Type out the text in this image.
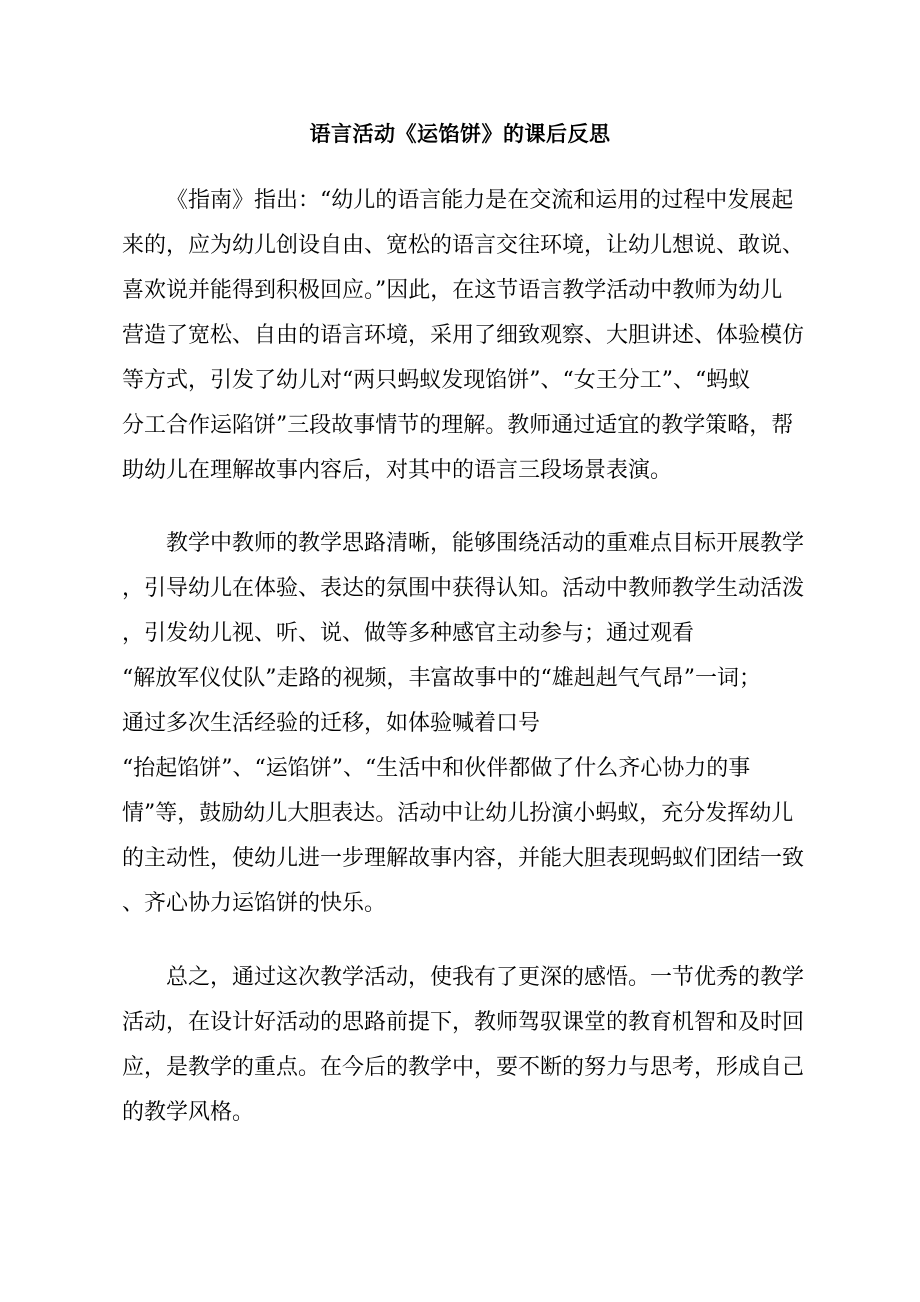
语言活动《运馅饼》的课后反思
《指南》指出：“幼儿的语言能力是在交流和运用的过程中发展起
来的，应为幼儿创设自由、宽松的语言交往环境，让幼儿想说、敢说、
喜欢说并能得到积极回应。”因此，在这节语言教学活动中教师为幼儿
营造了宽松、自由的语言环境，采用了细致观察、大胆讲述、体验模仿
等方式，引发了幼儿对“两只蚂蚁发现馅饼”、“女王分工”、“蚂蚁
分工合作运陷饼”三段故事情节的理解。教师通过适宜的教学策略，帮
助幼儿在理解故事内容后，对其中的语言三段场景表演。
教学中教师的教学思路清晰，能够围绕活动的重难点目标开展教学
，引导幼儿在体验、表达的氛围中获得认知。活动中教师教学生动活泼
，引发幼儿视、听、说、做等多种感官主动参与；通过观看
“解放军仪仗队”走路的视频，丰富故事中的“雄赳赳气气昂”一词；
通过多次生活经验的迁移，如体验喊着口号
“抬起馅饼”、“运馅饼”、“生活中和伙伴都做了什么齐心协力的事
情”等，鼓励幼儿大胆表达。活动中让幼儿扮演小蚂蚁，充分发挥幼儿
的主动性，使幼儿进一步理解故事内容，并能大胆表现蚂蚁们团结一致
、齐心协力运馅饼的快乐。
总之，通过这次教学活动，使我有了更深的感悟。一节优秀的教学
活动，在设计好活动的思路前提下，教师驾驭课堂的教育机智和及时回
应，是教学的重点。在今后的教学中，要不断的努力与思考，形成自己
的教学风格。
